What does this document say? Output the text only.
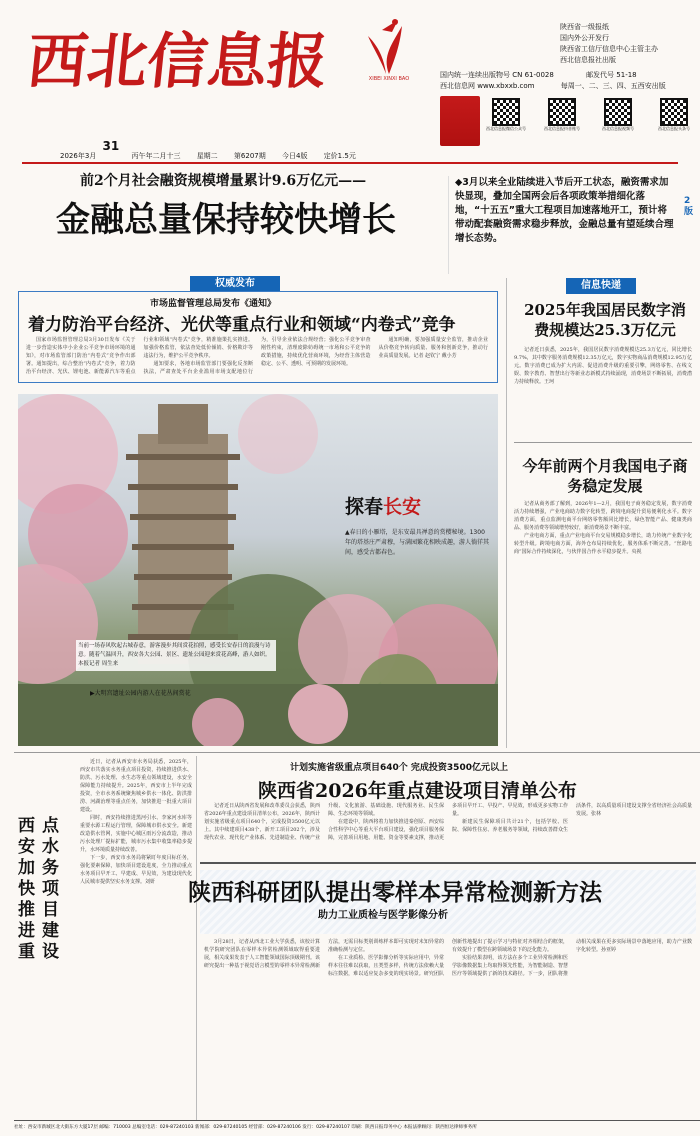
西北信息报	XIBEI XINXI BAO
陕西省一级报纸
国内外公开发行
陕西省工信厅信息中心主管主办
西北信息报社出版
国内统一连续出版物号 CN 61-0028	邮发代号 51-18
西北信息网 www.xbxxb.com	每周一、二、三、四、五西安出版
西北信息报微信公众号	西北信息报抖音账号	西北信息报视频号	西北信息报头条号
2026年3月 31 丙午年二月十三 星期二 第6207期 今日4版 定价1.5元
前2个月社会融资规模增量累计9.6万亿元——
金融总量保持较快增长
◆3月以来全业陆续进入节后开工状态，融资需求加快显现，叠加全国两会后各项政策举措细化落地，“十五五”重大工程项目加速落地开工，预计将带动配套融资需求稳步释放，金融总量有望延续合理增长态势。
2版
权威发布
市场监督管理总局发布《通知》
着力防治平台经济、光伏等重点行业和领域“内卷式”竞争

国家市场监督管理总局3月30日发布《关于进一步营造实体中小企业公平竞争市场环境的通知》，对市场监管部门防治“内卷式”竞争作出部署。通知提出，综合整治“内卷式”竞争，着力防治平台经济、光伏、锂电池、新能源汽车等重点行业和领域“内卷式”竞争，精准施策扎实推进。加强价格监管，依法查处低价倾销、价格欺诈等违法行为，维护公平竞争秩序。

通知要求，各地市场监管部门要强化反垄断执法，严肃查处平台企业滥用市场支配地位行为，引导企业依法合规经营；强化公平竞争审查刚性约束，清理废除妨碍统一市场和公平竞争的政策措施，持续优化营商环境，为经营主体营造稳定、公平、透明、可预期的发展环境。

通知明确，要加强质量安全监管，推动企业从价格竞争转向质量、服务和创新竞争，推动行业高质量发展。记者 赵钦宁 戴小芳

信息快递
2025年我国居民数字消费规模达25.3万亿元

记者近日获悉，2025年，我国居民数字消费规模达25.3万亿元，同比增长9.7%，其中数字服务消费规模12.35万亿元，数字实物商品消费规模12.95万亿元。数字消费已成为扩大内需、促进消费升级的重要引擎，网络零售、在线文娱、数字教育、智慧出行等新业态新模式持续涌现，消费场景不断拓展，消费潜力持续释放。王珂

今年前两个月我国电子商务稳定发展

记者从商务部了解到，2026年1—2月，我国电子商务稳定发展，数字消费活力持续增强，产业电商助力数字化转型，跨境电商提升贸易便利化水平。数字消费方面，重点监测电商平台网络零售额同比增长，绿色智能产品、健康类商品、服务消费等领域增势较好，新消费场景不断丰富。

产业电商方面，重点产业电商平台交易规模稳步增长，助力传统产业数字化转型升级。跨境电商方面，海外仓布局持续优化，服务体系不断完善。“丝路电商”国际合作持续深化，与伙伴国合作水平稳步提升。央视

探春长安
▲春日的小雁塔，是东安最具禅意的赏樱秘境。1300年的塔基庄严肃穆，与满园繁花相映成趣，游人徜徉其间，感受古都春色。
当前一场春风吹起古城春意，游客漫步其间赏花拍照，感受长安春日的浪漫与诗意。随着气温回升，西安各大公园、景区、遗址公园迎来赏花高峰，游人如织。本报记者 周生来
▶大明宫遗址公园内游人在花丛间赏花
西安加快推进重点水务项目建设

近日，记者从西安市水务局获悉，2025年，西安市共落实水务重点项目投资，持续推进供水、防洪、污水处理、水生态等重点领域建设，水安全保障能力持续提升。2025年，西安市上半年完成投资，全市水务系统聚焦城乡供水一体化、防洪排涝、河湖治理等重点任务，加快推进一批重大项目建设。

同时，西安持续推进黑河引水、李家河水库等重要水源工程运行管理，保障城市供水安全。新建改造供水管网，实施中心城区雨污分流改造，推动污水处理厂提标扩能，城市污水集中收集率稳步提升，水环境质量持续改善。

下一步，西安市水务局将紧盯年度目标任务，强化要素保障，加快项目建设进度，全力推动重点水务项目早开工、早建成、早见效，为建设现代化人民城市提供坚实水务支撑。刘妍

计划实施省级重点项目640个 完成投资3500亿元以上
陕西省2026年重点建设项目清单公布

记者近日从陕西省发展和改革委员会获悉，陕西省2026年重点建设项目清单公布，2026年，陕西计划实施省级重点项目640个，完成投资3500亿元以上。其中续建项目438个，新开工项目202个，涉及现代农业、现代化产业体系、先进制造业、传统产业升级、文化旅游、基础设施、现代服务业、民生保障、生态环境等领域。

在建设中，陕西将着力加快推进秦创原、西安综合性科学中心等重大平台项目建设，强化项目服务保障，完善项目用地、用能、资金等要素支撑，推动更多项目早开工、早投产、早见效，形成更多实物工作量。

新建民生保障项目共计21个，包括学校、医院、保障性住房、养老服务等领域，持续改善群众生活条件，以高质量项目建设支撑全省经济社会高质量发展。张林

陕西科研团队提出零样本异常检测新方法
助力工业质检与医学影像分析

3月28日，记者从西北工业大学获悉，该校计算机学院研究团队在零样本异常检测领域取得重要进展，相关成果发表于人工智能领域国际顶级期刊。该研究提出一种基于视觉语言模型的零样本异常检测新方法，无需目标类别训练样本即可实现对未知异常的准确检测与定位。

在工业质检、医学影像分析等实际应用中，异常样本往往难以获取，且类型多样，传统方法依赖大量标注数据，难以适应复杂多变的现实场景。研究团队创新性地提出了提示学习与特征对齐相结合的框架，有效提升了模型在跨领域场景下的泛化能力。

实验结果表明，该方法在多个工业异常检测和医学影像数据集上均取得领先性能，为智能制造、智慧医疗等领域提供了新的技术路径。下一步，团队将推动相关成果在更多实际场景中落地应用，助力产业数字化转型。孙亚婷

社址：西安市新城区北大街东方大厦17层 邮编：710003 总编室电话：029-87240103 新闻部：029-87240105 经营部：029-87240106 发行：029-87240107 印刷：陕西日报印务中心 本报法律顾问：陕西恒达律师事务所
